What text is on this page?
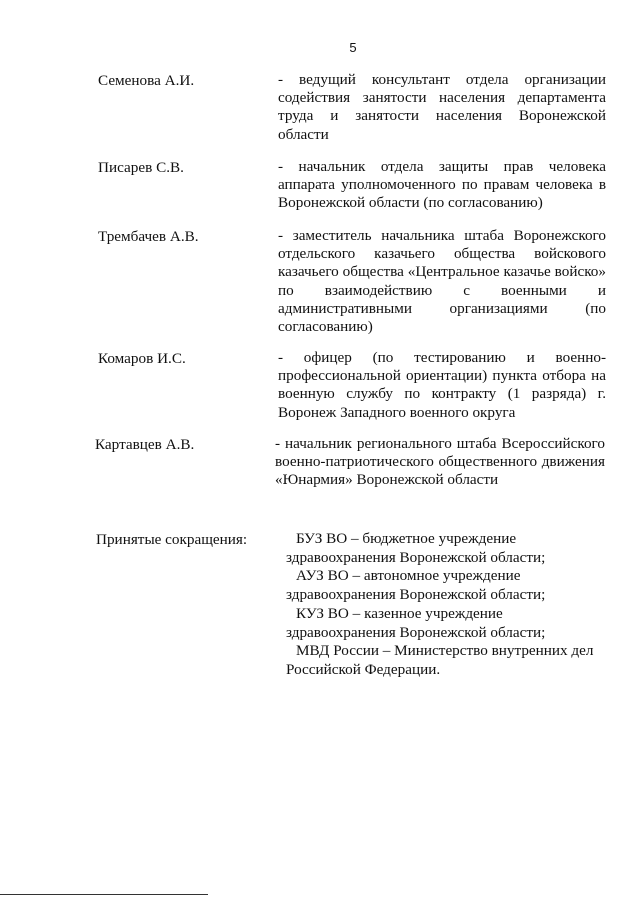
5
Семенова А.И.	- ведущий консультант отдела организации содействия занятости населения департамента труда и занятости населения Воронежской области
Писарев С.В.	- начальник отдела защиты прав человека аппарата уполномоченного по правам человека в Воронежской области (по согласованию)
Трембачев А.В.	- заместитель начальника штаба Воронежского отдельского казачьего общества войскового казачьего общества «Центральное казачье войско» по взаимодействию с военными и административными организациями (по согласованию)
Комаров И.С.	- офицер (по тестированию и военно-профессиональной ориентации) пункта отбора на военную службу по контракту (1 разряда) г. Воронеж Западного военного округа
Картавцев А.В.	- начальник регионального штаба Всероссийского военно-патриотического общественного движения «Юнармия» Воронежской области
Принятые сокращения:	БУЗ ВО – бюджетное учреждение
здравоохранения Воронежской области;
АУЗ ВО – автономное учреждение
здравоохранения Воронежской области;
КУЗ ВО – казенное учреждение
здравоохранения Воронежской области;
МВД России – Министерство внутренних дел
Российской Федерации.
